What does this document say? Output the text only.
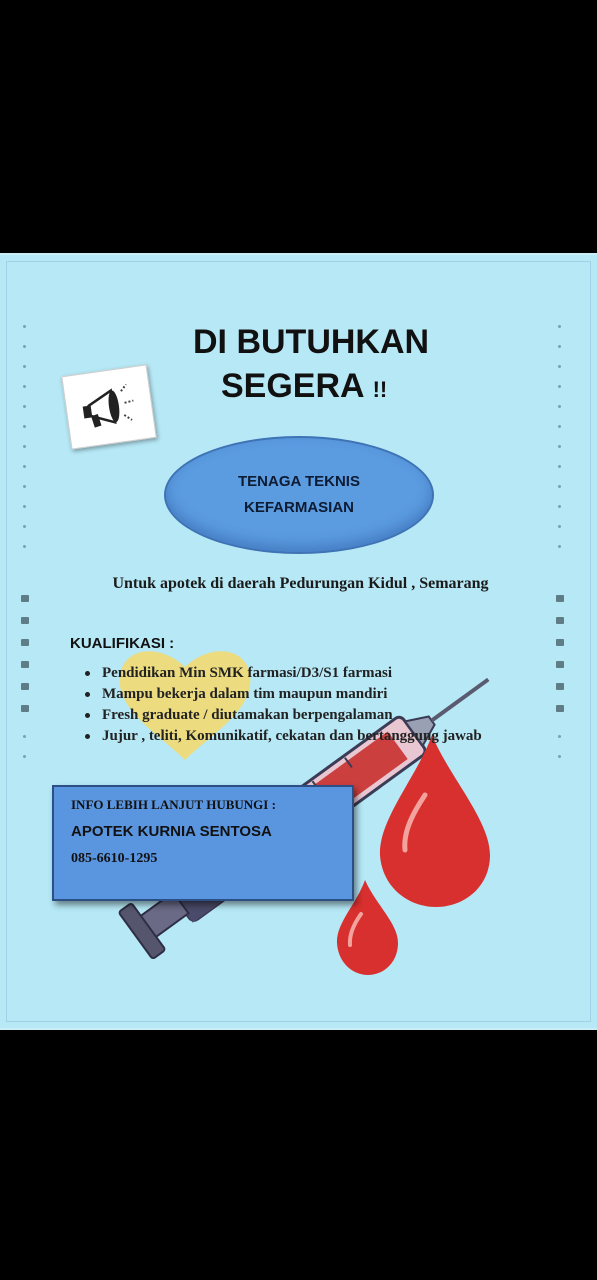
DI BUTUHKAN
SEGERA !!
TENAGA TEKNIS
KEFARMASIAN
Untuk apotek di daerah Pedurungan Kidul , Semarang
KUALIFIKASI :
Pendidikan Min SMK farmasi/D3/S1 farmasi
Mampu bekerja dalam tim maupun mandiri
Fresh graduate / diutamakan berpengalaman
Jujur , teliti, Komunikatif, cekatan dan bertanggung jawab
INFO LEBIH LANJUT HUBUNGI :
APOTEK KURNIA SENTOSA
085-6610-1295
